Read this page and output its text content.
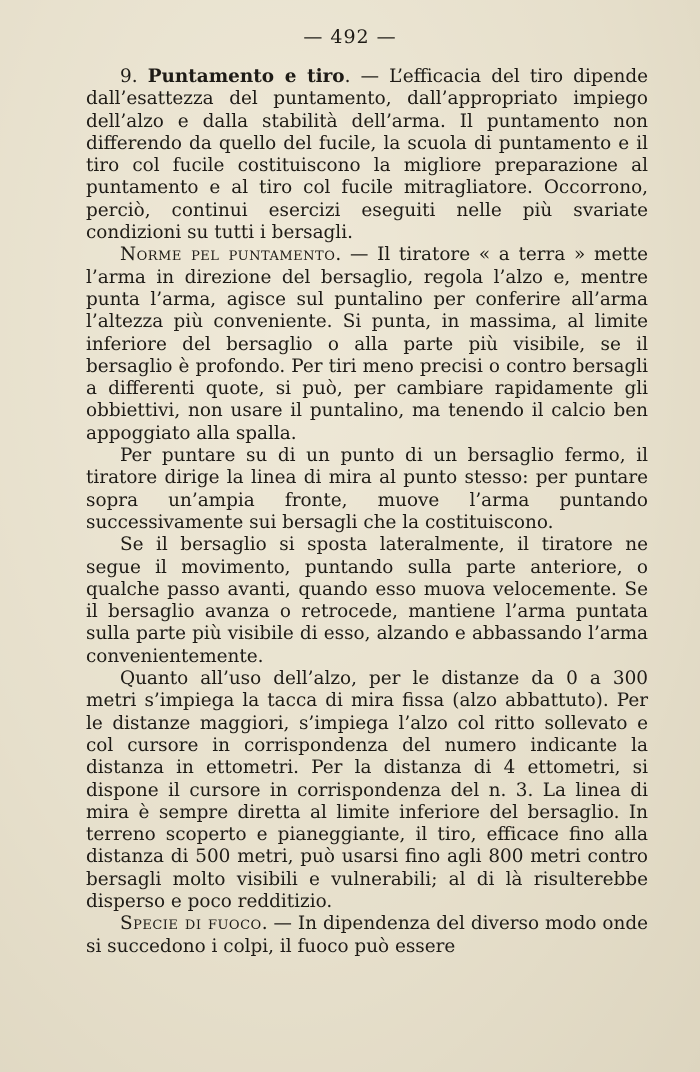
— 492 —

9. Puntamento e tiro. — L’efficacia del tiro dipende dall’esattezza del puntamento, dall’appropriato impiego dell’alzo e dalla stabilità dell’arma. Il puntamento non differendo da quello del fucile, la scuola di puntamento e il tiro col fucile costituiscono la migliore preparazione al puntamento e al tiro col fucile mitragliatore. Occorrono, perciò, continui esercizi eseguiti nelle più svariate condizioni su tutti i bersagli.

Norme pel puntamento. — Il tiratore « a terra » mette l’arma in direzione del bersaglio, regola l’alzo e, mentre punta l’arma, agisce sul puntalino per conferire all’arma l’altezza più conveniente. Si punta, in massima, al limite inferiore del bersaglio o alla parte più visibile, se il bersaglio è profondo. Per tiri meno precisi o contro bersagli a differenti quote, si può, per cambiare rapidamente gli obbiettivi, non usare il puntalino, ma tenendo il calcio ben appoggiato alla spalla.

Per puntare su di un punto di un bersaglio fermo, il tiratore dirige la linea di mira al punto stesso: per puntare sopra un’ampia fronte, muove l’arma puntando successivamente sui bersagli che la costituiscono.

Se il bersaglio si sposta lateralmente, il tiratore ne segue il movimento, puntando sulla parte anteriore, o qualche passo avanti, quando esso muova velocemente. Se il bersaglio avanza o retrocede, mantiene l’arma puntata sulla parte più visibile di esso, alzando e abbassando l’arma convenientemente.

Quanto all’uso dell’alzo, per le distanze da 0 a 300 metri s’impiega la tacca di mira fissa (alzo abbattuto). Per le distanze maggiori, s’impiega l’alzo col ritto sollevato e col cursore in corrispondenza del numero indicante la distanza in ettometri. Per la distanza di 4 ettometri, si dispone il cursore in corrispondenza del n. 3. La linea di mira è sempre diretta al limite inferiore del bersaglio. In terreno scoperto e pianeggiante, il tiro, efficace fino alla distanza di 500 metri, può usarsi fino agli 800 metri contro bersagli molto visibili e vulnerabili; al di là risulterebbe disperso e poco redditizio.

Specie di fuoco. — In dipendenza del diverso modo onde si succedono i colpi, il fuoco può essere
